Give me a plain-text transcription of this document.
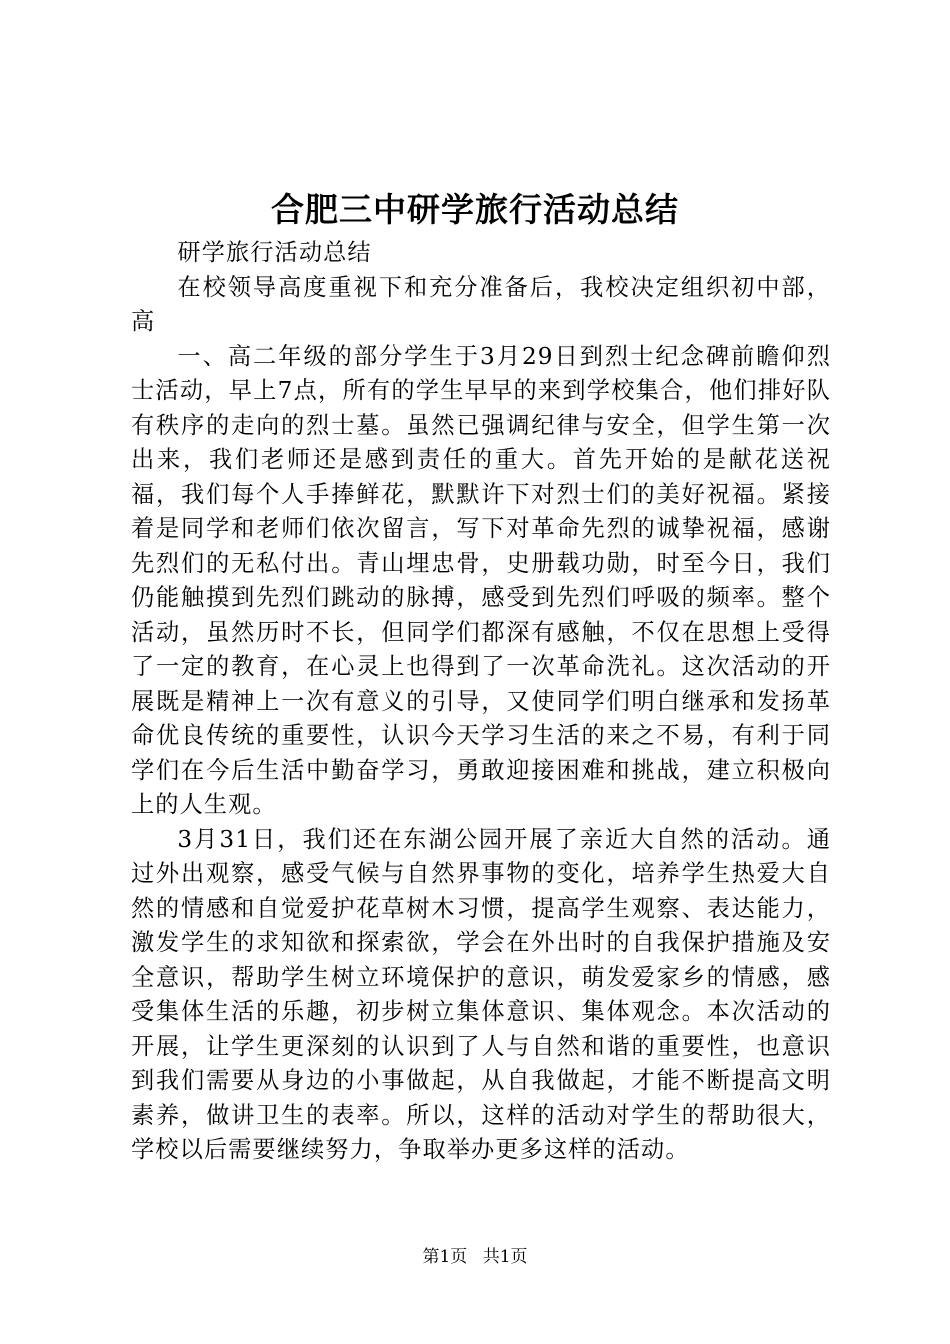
合肥三中研学旅行活动总结

研学旅行活动总结

在校领导高度重视下和充分准备后，我校决定组织初中部，高

一、高二年级的部分学生于3月29日到烈士纪念碑前瞻仰烈士活动，早上7点，所有的学生早早的来到学校集合，他们排好队有秩序的走向的烈士墓。虽然已强调纪律与安全，但学生第一次出来，我们老师还是感到责任的重大。首先开始的是献花送祝福，我们每个人手捧鲜花，默默许下对烈士们的美好祝福。紧接着是同学和老师们依次留言，写下对革命先烈的诚挚祝福，感谢先烈们的无私付出。青山埋忠骨，史册载功勋，时至今日，我们仍能触摸到先烈们跳动的脉搏，感受到先烈们呼吸的频率。整个活动，虽然历时不长，但同学们都深有感触，不仅在思想上受得了一定的教育，在心灵上也得到了一次革命洗礼。这次活动的开展既是精神上一次有意义的引导，又使同学们明白继承和发扬革命优良传统的重要性，认识今天学习生活的来之不易，有利于同学们在今后生活中勤奋学习，勇敢迎接困难和挑战，建立积极向上的人生观。

3月31日，我们还在东湖公园开展了亲近大自然的活动。通过外出观察，感受气候与自然界事物的变化，培养学生热爱大自然的情感和自觉爱护花草树木习惯，提高学生观察、表达能力，激发学生的求知欲和探索欲，学会在外出时的自我保护措施及安全意识，帮助学生树立环境保护的意识，萌发爱家乡的情感，感受集体生活的乐趣，初步树立集体意识、集体观念。本次活动的开展，让学生更深刻的认识到了人与自然和谐的重要性，也意识到我们需要从身边的小事做起，从自我做起，才能不断提高文明素养，做讲卫生的表率。所以，这样的活动对学生的帮助很大，学校以后需要继续努力，争取举办更多这样的活动。

第1页 共1页
